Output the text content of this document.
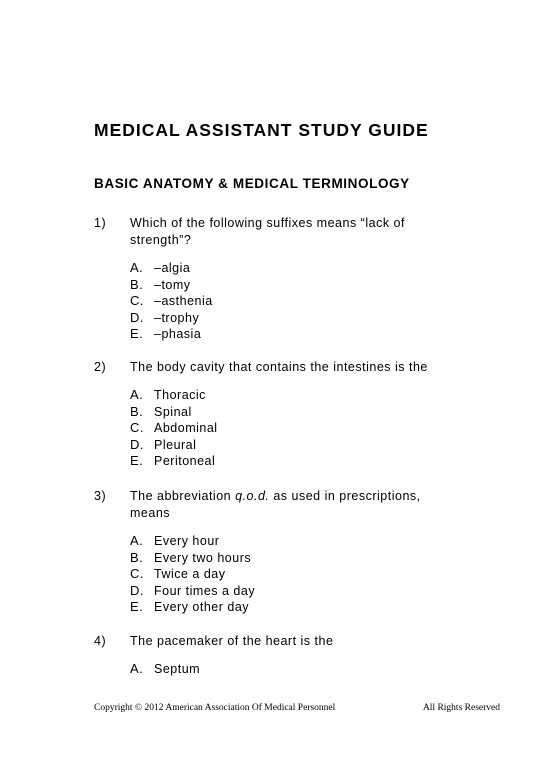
MEDICAL ASSISTANT STUDY GUIDE
BASIC ANATOMY & MEDICAL TERMINOLOGY
1)	Which of the following suffixes means “lack of strength”?
A. –algia
B. –tomy
C. –asthenia
D. –trophy
E. –phasia
2)	The body cavity that contains the intestines is the
A. Thoracic
B. Spinal
C. Abdominal
D. Pleural
E. Peritoneal
3)	The abbreviation q.o.d. as used in prescriptions, means
A. Every hour
B. Every two hours
C. Twice a day
D. Four times a day
E. Every other day
4)	The pacemaker of the heart is the
A. Septum
Copyright © 2012 American Association Of Medical Personnel	All Rights Reserved
